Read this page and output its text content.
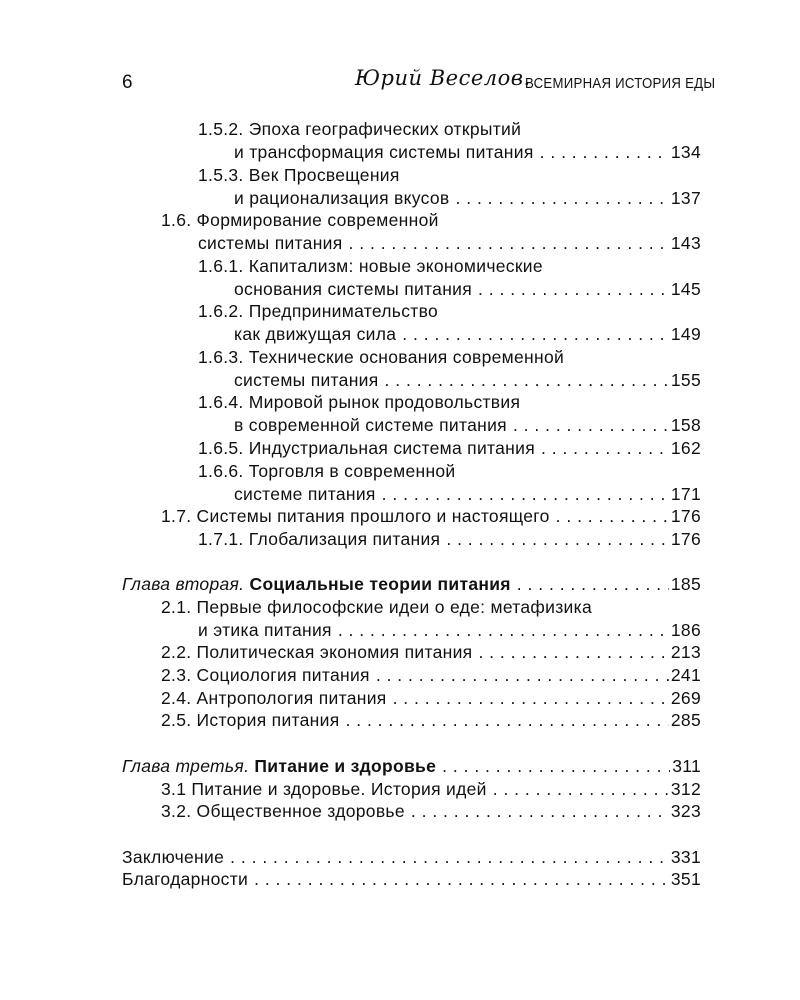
6	Юрий Веселов.
ВСЕМИРНАЯ ИСТОРИЯ ЕДЫ
1.5.2. Эпоха географических открытий
и трансформация системы питания . . .	134
1.5.3. Век Просвещения
и рационализация вкусов . . .	137
1.6. Формирование современной
системы питания . . .	143
1.6.1. Капитализм: новые экономические
основания системы питания . . .	145
1.6.2. Предпринимательство
как движущая сила . . .	149
1.6.3. Технические основания современной
системы питания . . .	155
1.6.4. Мировой рынок продовольствия
в современной системе питания . . .	158
1.6.5. Индустриальная система питания . . .	162
1.6.6. Торговля в современной
системе питания . . .	171
1.7. Системы питания прошлого и настоящего . . .	176
1.7.1. Глобализация питания . . .	176
Глава вторая. Социальные теории питания . . .	185
2.1. Первые философские идеи о еде: метафизика
и этика питания . . .	186
2.2. Политическая экономия питания . . .	213
2.3. Социология питания . . .	241
2.4. Антропология питания . . .	269
2.5. История питания . . .	285
Глава третья. Питание и здоровье . . .	311
3.1 Питание и здоровье. История идей . . .	312
3.2. Общественное здоровье . . .	323
Заключение . . .	331
Благодарности . . .	351
